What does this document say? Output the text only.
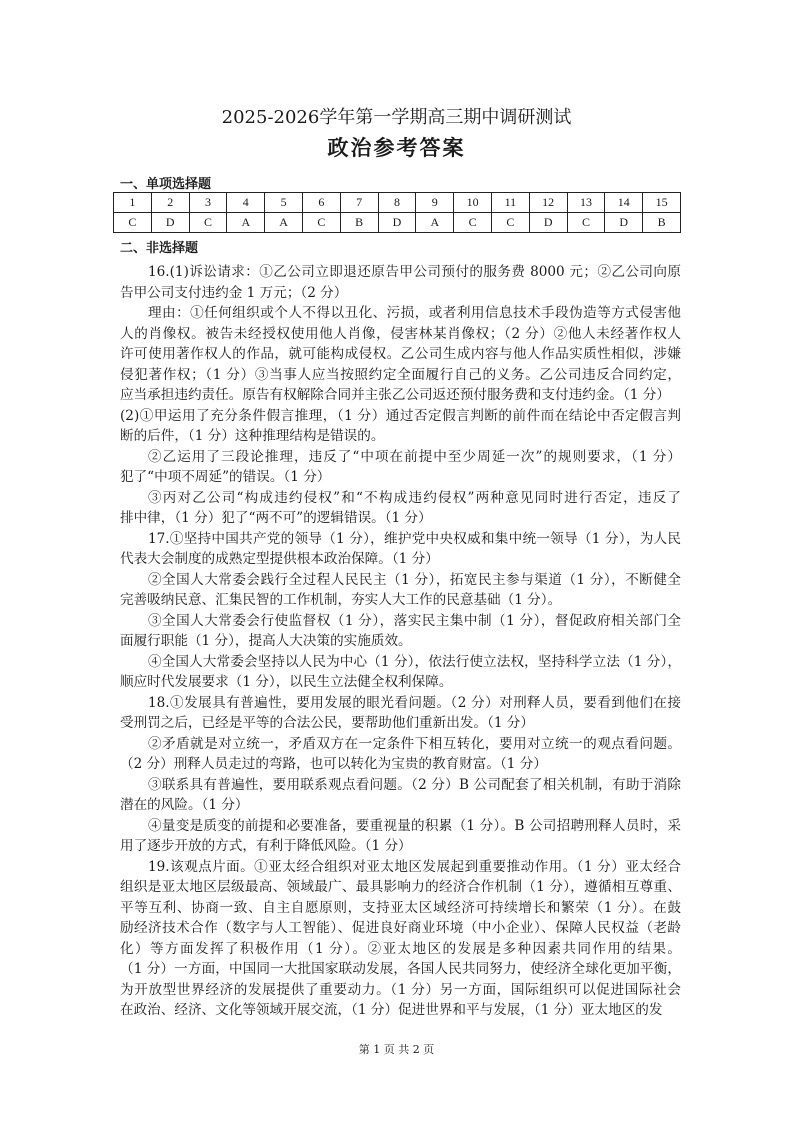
2025-2026学年第一学期高三期中调研测试
政治参考答案
一、单项选择题
1	2	3	4	5	6	7	8	9	10	11	12	13	14	15
C	D	C	A	A	C	B	D	A	C	C	D	C	D	B
二、非选择题
16.(1)诉讼请求：①乙公司立即退还原告甲公司预付的服务费 8000 元；②乙公司向原
告甲公司支付违约金 1 万元；（2 分）
理由：①任何组织或个人不得以丑化、污损，或者利用信息技术手段伪造等方式侵害他
人的肖像权。被告未经授权使用他人肖像，侵害林某肖像权；（2 分）②他人未经著作权人
许可使用著作权人的作品，就可能构成侵权。乙公司生成内容与他人作品实质性相似，涉嫌
侵犯著作权；（1 分）③当事人应当按照约定全面履行自己的义务。乙公司违反合同约定，
应当承担违约责任。原告有权解除合同并主张乙公司返还预付服务费和支付违约金。（1 分）
(2)①甲运用了充分条件假言推理，（1 分）通过否定假言判断的前件而在结论中否定假言判
断的后件，（1 分）这种推理结构是错误的。
②乙运用了三段论推理，违反了“中项在前提中至少周延一次”的规则要求，（1 分）
犯了“中项不周延”的错误。（1 分）
③丙对乙公司“构成违约侵权”和“不构成违约侵权”两种意见同时进行否定，违反了
排中律，（1 分）犯了“两不可”的逻辑错误。（1 分）
17.①坚持中国共产党的领导（1 分），维护党中央权威和集中统一领导（1 分），为人民
代表大会制度的成熟定型提供根本政治保障。（1 分）
②全国人大常委会践行全过程人民民主（1 分），拓宽民主参与渠道（1 分），不断健全
完善吸纳民意、汇集民智的工作机制，夯实人大工作的民意基础（1 分）。
③全国人大常委会行使监督权（1 分），落实民主集中制（1 分），督促政府相关部门全
面履行职能（1 分），提高人大决策的实施质效。
④全国人大常委会坚持以人民为中心（1 分），依法行使立法权，坚持科学立法（1 分），
顺应时代发展要求（1 分），以民生立法健全权利保障。
18.①发展具有普遍性，要用发展的眼光看问题。（2 分）对刑释人员，要看到他们在接
受刑罚之后，已经是平等的合法公民，要帮助他们重新出发。（1 分）
②矛盾就是对立统一，矛盾双方在一定条件下相互转化，要用对立统一的观点看问题。
（2 分）刑释人员走过的弯路，也可以转化为宝贵的教育财富。（1 分）
③联系具有普遍性，要用联系观点看问题。（2 分）B 公司配套了相关机制，有助于消除
潜在的风险。（1 分）
④量变是质变的前提和必要准备，要重视量的积累（1 分）。B 公司招聘刑释人员时，采
用了逐步开放的方式，有利于降低风险。（1 分）
19.该观点片面。①亚太经合组织对亚太地区发展起到重要推动作用。（1 分）亚太经合
组织是亚太地区层级最高、领域最广、最具影响力的经济合作机制（1 分），遵循相互尊重、
平等互利、协商一致、自主自愿原则，支持亚太区域经济可持续增长和繁荣（1 分）。在鼓
励经济技术合作（数字与人工智能）、促进良好商业环境（中小企业）、保障人民权益（老龄
化）等方面发挥了积极作用（1 分）。②亚太地区的发展是多种因素共同作用的结果。
（1 分）一方面，中国同一大批国家联动发展，各国人民共同努力，使经济全球化更加平衡，
为开放型世界经济的发展提供了重要动力。（1 分）另一方面，国际组织可以促进国际社会
在政治、经济、文化等领域开展交流，（1 分）促进世界和平与发展，（1 分）亚太地区的发
第 1 页 共 2 页
